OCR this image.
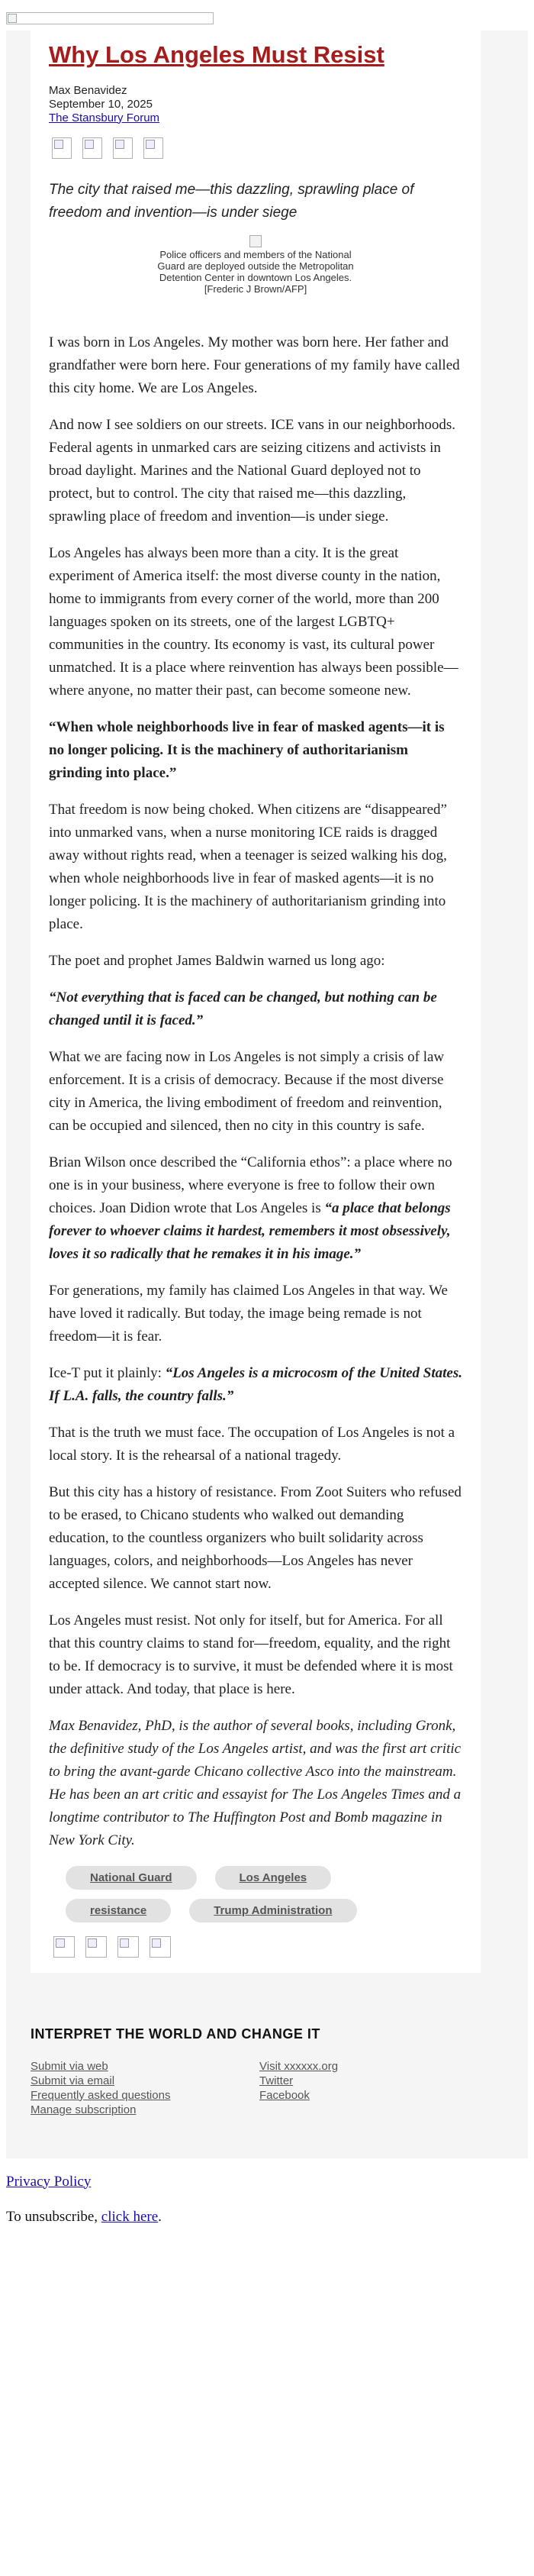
Why Los Angeles Must Resist
Max Benavidez
September 10, 2025
The Stansbury Forum
The city that raised me—this dazzling, sprawling place of freedom and invention—is under siege
Police officers and members of the National Guard are deployed outside the Metropolitan Detention Center in downtown Los Angeles. [Frederic J Brown/AFP]

I was born in Los Angeles. My mother was born here. Her father and grandfather were born here. Four generations of my family have called this city home. We are Los Angeles.

And now I see soldiers on our streets. ICE vans in our neighborhoods. Federal agents in unmarked cars are seizing citizens and activists in broad daylight. Marines and the National Guard deployed not to protect, but to control. The city that raised me—this dazzling, sprawling place of freedom and invention—is under siege.

Los Angeles has always been more than a city. It is the great experiment of America itself: the most diverse county in the nation, home to immigrants from every corner of the world, more than 200 languages spoken on its streets, one of the largest LGBTQ+ communities in the country. Its economy is vast, its cultural power unmatched. It is a place where reinvention has always been possible—where anyone, no matter their past, can become someone new.

“When whole neighborhoods live in fear of masked agents—it is no longer policing. It is the machinery of authoritarianism grinding into place.”

That freedom is now being choked. When citizens are “disappeared” into unmarked vans, when a nurse monitoring ICE raids is dragged away without rights read, when a teenager is seized walking his dog, when whole neighborhoods live in fear of masked agents—it is no longer policing. It is the machinery of authoritarianism grinding into place.

The poet and prophet James Baldwin warned us long ago:

“Not everything that is faced can be changed, but nothing can be changed until it is faced.”

What we are facing now in Los Angeles is not simply a crisis of law enforcement. It is a crisis of democracy. Because if the most diverse city in America, the living embodiment of freedom and reinvention, can be occupied and silenced, then no city in this country is safe.

Brian Wilson once described the “California ethos”: a place where no one is in your business, where everyone is free to follow their own choices. Joan Didion wrote that Los Angeles is “a place that belongs forever to whoever claims it hardest, remembers it most obsessively, loves it so radically that he remakes it in his image.”

For generations, my family has claimed Los Angeles in that way. We have loved it radically. But today, the image being remade is not freedom—it is fear.

Ice-T put it plainly: “Los Angeles is a microcosm of the United States. If L.A. falls, the country falls.”

That is the truth we must face. The occupation of Los Angeles is not a local story. It is the rehearsal of a national tragedy.

But this city has a history of resistance. From Zoot Suiters who refused to be erased, to Chicano students who walked out demanding education, to the countless organizers who built solidarity across languages, colors, and neighborhoods—Los Angeles has never accepted silence. We cannot start now.

Los Angeles must resist. Not only for itself, but for America. For all that this country claims to stand for—freedom, equality, and the right to be. If democracy is to survive, it must be defended where it is most under attack. And today, that place is here.

Max Benavidez, PhD, is the author of several books, including Gronk, the definitive study of the Los Angeles artist, and was the first art critic to bring the avant-garde Chicano collective Asco into the mainstream. He has been an art critic and essayist for The Los Angeles Times and a longtime contributor to The Huffington Post and Bomb magazine in New York City.

National Guard	Los Angeles
resistance	Trump Administration
INTERPRET THE WORLD AND CHANGE IT
Submit via web
Submit via email
Frequently asked questions
Manage subscription
Visit xxxxxx.org
Twitter
Facebook

Privacy Policy

To unsubscribe, click here.
